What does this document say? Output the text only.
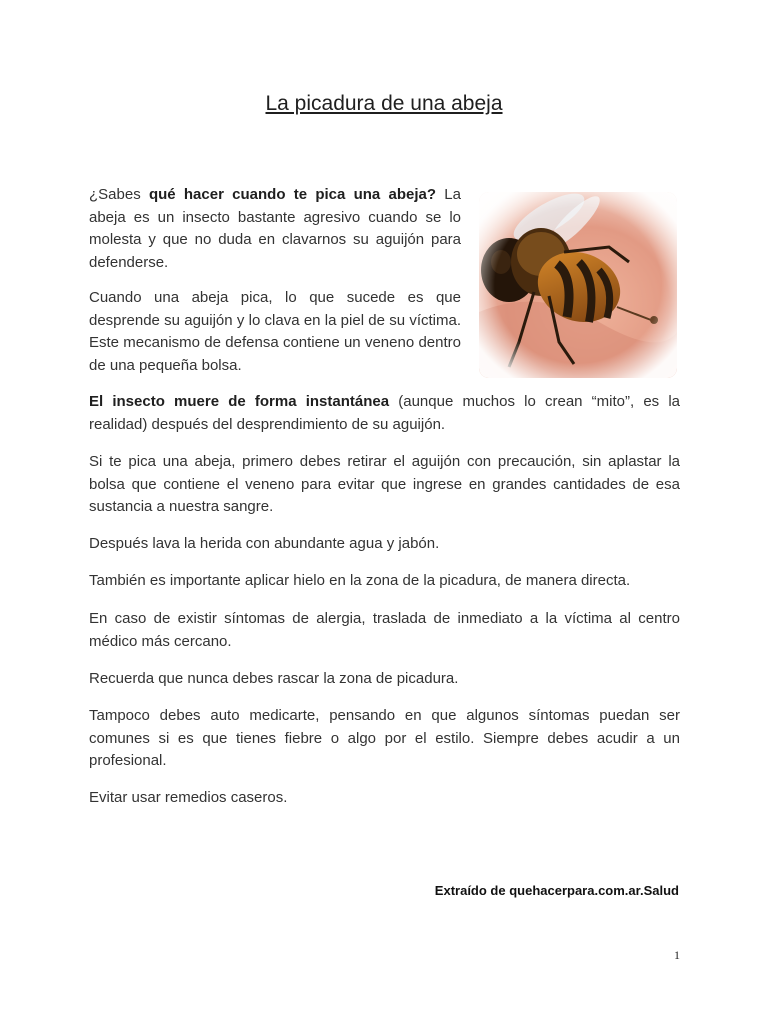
La picadura de una abeja

¿Sabes qué hacer cuando te pica una abeja? La abeja es un insecto bastante agresivo cuando se lo molesta y que no duda en clavarnos su aguijón para defenderse.

Cuando una abeja pica, lo que sucede es que desprende su aguijón y lo clava en la piel de su víctima. Este mecanismo de defensa contiene un veneno dentro de una pequeña bolsa.

El insecto muere de forma instantánea (aunque muchos lo crean “mito”, es la realidad) después del desprendimiento de su aguijón.

Si te pica una abeja, primero debes retirar el aguijón con precaución, sin aplastar la bolsa que contiene el veneno para evitar que ingrese en grandes cantidades de esa sustancia a nuestra sangre.

Después lava la herida con abundante agua y jabón.

También es importante aplicar hielo en la zona de la picadura, de manera directa.

En caso de existir síntomas de alergia, traslada de inmediato a la víctima al centro médico más cercano.

Recuerda que nunca debes rascar la zona de picadura.

Tampoco debes auto medicarte, pensando en que algunos síntomas puedan ser comunes si es que tienes fiebre o algo por el estilo. Siempre debes acudir a un profesional.

Evitar usar remedios caseros.

Extraído de quehacerpara.com.ar.Salud

1
